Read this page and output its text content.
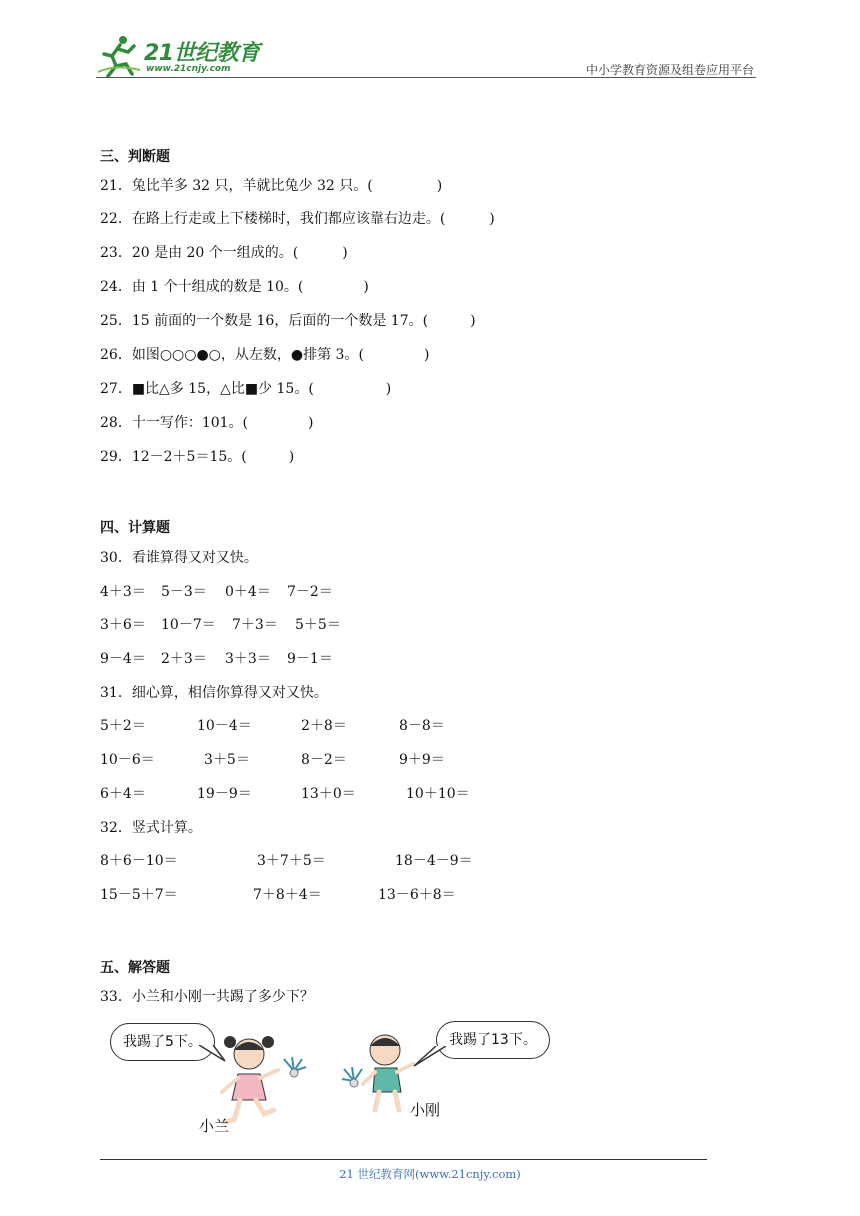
21世纪教育
www.21cnjy.com	中小学教育资源及组卷应用平台
三、判断题
21．兔比羊多 32 只，羊就比兔少 32 只。(	)
22．在路上行走或上下楼梯时，我们都应该靠右边走。(	)
23．20 是由 20 个一组成的。(	)
24．由 1 个十组成的数是 10。(	)
25．15 前面的一个数是 16，后面的一个数是 17。(	)
26．如图○○○●○，从左数，●排第 3。(	)
27．■比△多 15，△比■少 15。(	)
28．十一写作：101。(	)
29．12－2＋5＝15。(	)
四、计算题
30．看谁算得又对又快。
4＋3＝ 5－3＝ 0＋4＝ 7－2＝
3＋6＝ 10－7＝ 7＋3＝ 5＋5＝
9－4＝ 2＋3＝ 3＋3＝ 9－1＝
31．细心算，相信你算得又对又快。
5＋2＝	10－4＝	2＋8＝	8－8＝
10－6＝	3＋5＝	8－2＝	9＋9＝
6＋4＝	19－9＝	13＋0＝	10＋10＝
32．竖式计算。
8＋6－10＝	3＋7＋5＝	18－4－9＝
15－5＋7＝	7＋8＋4＝	13－6＋8＝
五、解答题
33．小兰和小刚一共踢了多少下？
我踢了5下。	我踢了13下。
小兰
小刚
21 世纪教育网(www.21cnjy.com)
